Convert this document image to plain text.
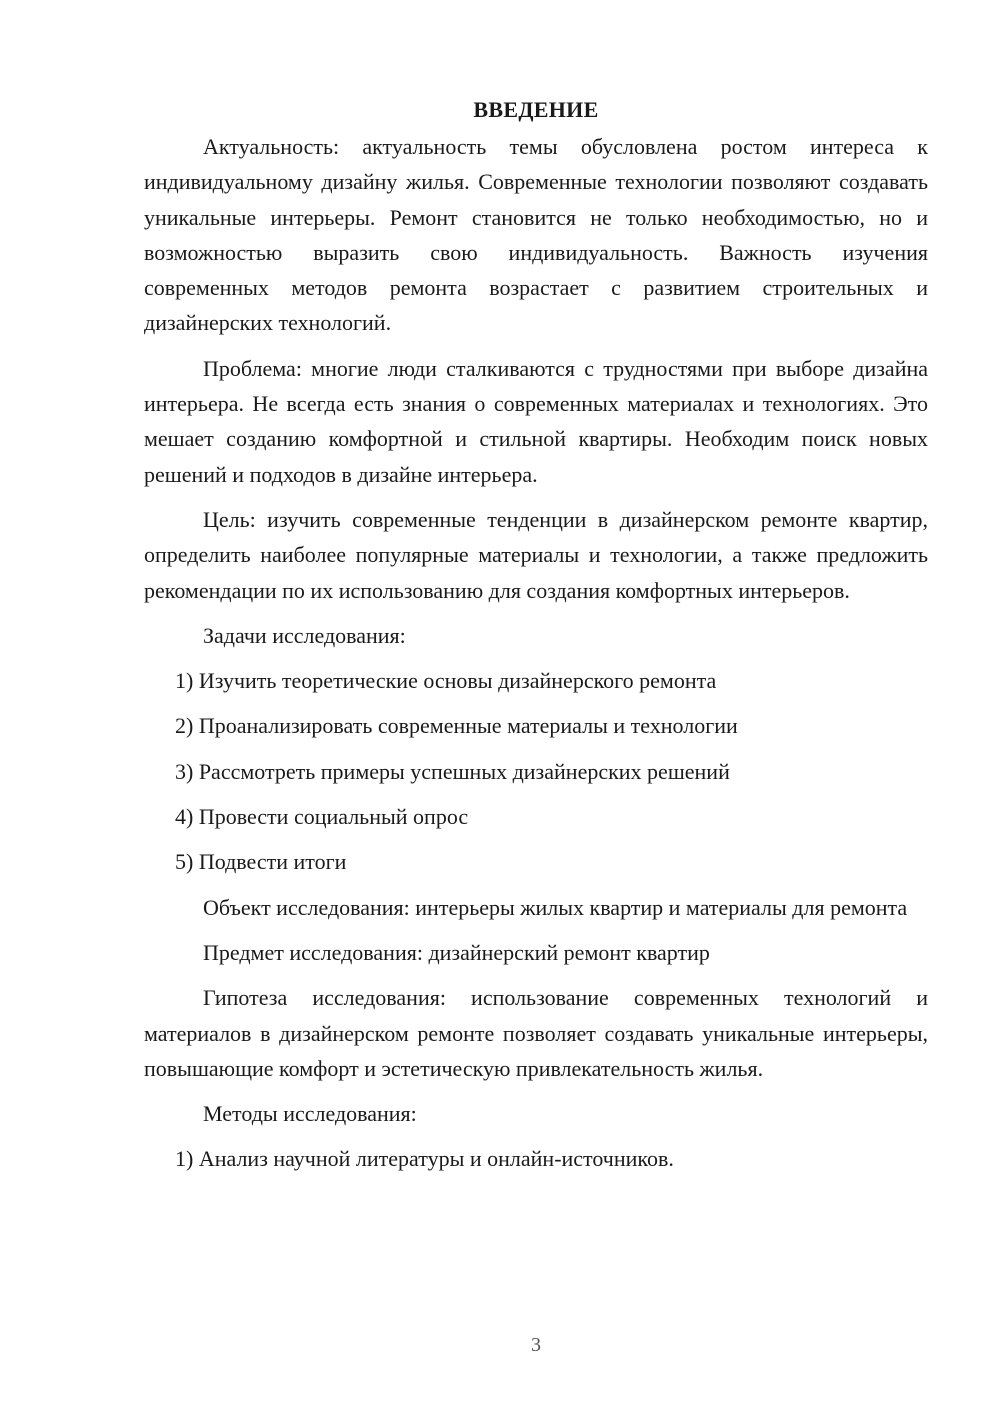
ВВЕДЕНИЕ

Актуальность: актуальность темы обусловлена ростом интереса к индивидуальному дизайну жилья. Современные технологии позволяют создавать уникальные интерьеры. Ремонт становится не только необходимостью, но и возможностью выразить свою индивидуальность. Важность изучения современных методов ремонта возрастает с развитием строительных и дизайнерских технологий.

Проблема: многие люди сталкиваются с трудностями при выборе дизайна интерьера. Не всегда есть знания о современных материалах и технологиях. Это мешает созданию комфортной и стильной квартиры. Необходим поиск новых решений и подходов в дизайне интерьера.

Цель: изучить современные тенденции в дизайнерском ремонте квартир, определить наиболее популярные материалы и технологии, а также предложить рекомендации по их использованию для создания комфортных интерьеров.

Задачи исследования:

1) Изучить теоретические основы дизайнерского ремонта
2) Проанализировать современные материалы и технологии
3) Рассмотреть примеры успешных дизайнерских решений
4) Провести социальный опрос
5) Подвести итоги

Объект исследования: интерьеры жилых квартир и материалы для ремонта

Предмет исследования: дизайнерский ремонт квартир

Гипотеза исследования: использование современных технологий и материалов в дизайнерском ремонте позволяет создавать уникальные интерьеры, повышающие комфорт и эстетическую привлекательность жилья.

Методы исследования:

1) Анализ научной литературы и онлайн-источников.
3
